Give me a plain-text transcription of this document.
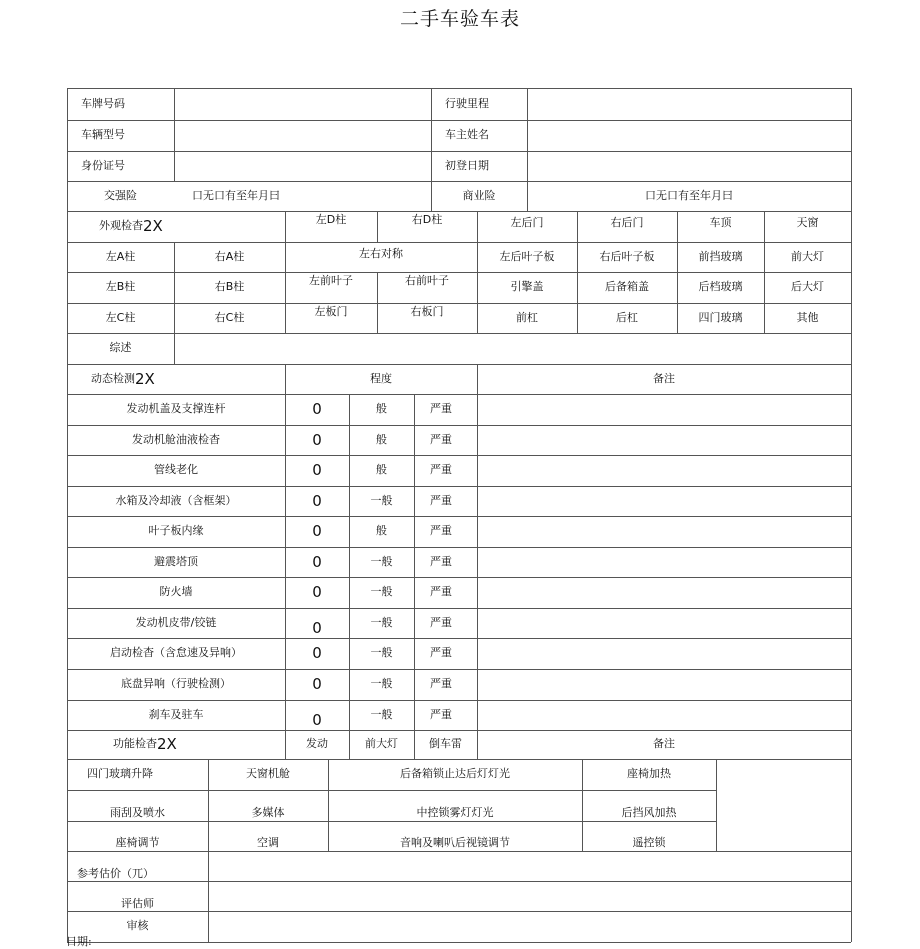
二手车验车表
车牌号码	行驶里程
车辆型号	车主姓名
身份证号	初登日期
交强险	口无口有至年月曰	商业险	口无口有至年月曰
外观检杳 2X	左D柱	右D柱	左后门	右后门	车顶	天窗
左A柱	右A柱	左右对称	左后叶子板	右后叶子板	前挡玻璃	前大灯
左B柱	右B柱	左前叶子	右前叶子	引擎盖	后备箱盖	后档玻璃	后大灯
左C柱	右C柱	左板门	右板门	前杠	后杠	四门玻璃	其他
综述
动态检测 2X	程度	备注
发动机盖及支撑连杆	0	般	严重
发动机舱油液检杳	0	般	严重
管线老化	0	般	严重
水箱及冷却液（含框架）	0	一般	严重
叶子板内缘	0	般	严重
避震塔顶	0	一般	严重
防火墙	0	一般	严重
发动机皮带/铰链	0	一般	严重
启动检杳（含怠速及异响）	0	一般	严重
底盘异响（行驶检测）	0	一般	严重
刹车及驻车	0	一般	严重
功能检杳 2X	发动	前大灯	倒车雷	备注
四门玻璃升降	天窗机舱	后备箱锁止达后灯灯光	座椅加热
雨刮及喷水	多媒体	中控锁雾灯灯光	后挡风加热
座椅调节	空调	音响及喇叭后视镜调节	遥控锁
参考估价（兀）
评估师
审核
日期:
